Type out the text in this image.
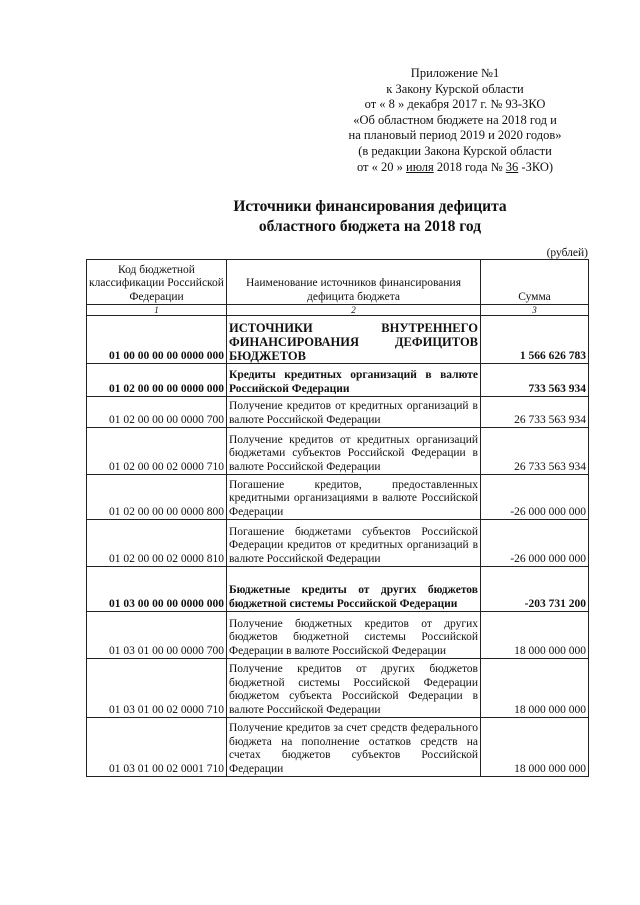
Приложение №1
к Закону Курской области
от « 8 » декабря 2017 г. № 93-ЗКО
«Об областном бюджете на 2018 год и
на плановый период 2019 и 2020 годов»
(в редакции Закона Курской области
от « 20 » июля 2018 года № 36 -ЗКО)
Источники финансирования дефицита
областного бюджета на 2018 год
(рублей)
Код бюджетной классификации Российской Федерации	Наименование источников финансирования дефицита бюджета	Сумма
1	2	3
01 00 00 00 00 0000 000	ИСТОЧНИКИ ВНУТРЕННЕГО ФИНАНСИРОВАНИЯ ДЕФИЦИТОВ БЮДЖЕТОВ	1 566 626 783
01 02 00 00 00 0000 000	Кредиты кредитных организаций в валюте Российской Федерации	733 563 934
01 02 00 00 00 0000 700	Получение кредитов от кредитных организаций в валюте Российской Федерации	26 733 563 934
01 02 00 00 02 0000 710	Получение кредитов от кредитных организаций бюджетами субъектов Российской Федерации в валюте Российской Федерации	26 733 563 934
01 02 00 00 00 0000 800	Погашение кредитов, предоставленных кредитными организациями в валюте Российской Федерации	-26 000 000 000
01 02 00 00 02 0000 810	Погашение бюджетами субъектов Российской Федерации кредитов от кредитных организаций в валюте Российской Федерации	-26 000 000 000
01 03 00 00 00 0000 000	Бюджетные кредиты от других бюджетов бюджетной системы Российской Федерации	-203 731 200
01 03 01 00 00 0000 700	Получение бюджетных кредитов от других бюджетов бюджетной системы Российской Федерации в валюте Российской Федерации	18 000 000 000
01 03 01 00 02 0000 710	Получение кредитов от других бюджетов бюджетной системы Российской Федерации бюджетом субъекта Российской Федерации в валюте Российской Федерации	18 000 000 000
01 03 01 00 02 0001 710	Получение кредитов за счет средств федерального бюджета на пополнение остатков средств на счетах бюджетов субъектов Российской Федерации	18 000 000 000
